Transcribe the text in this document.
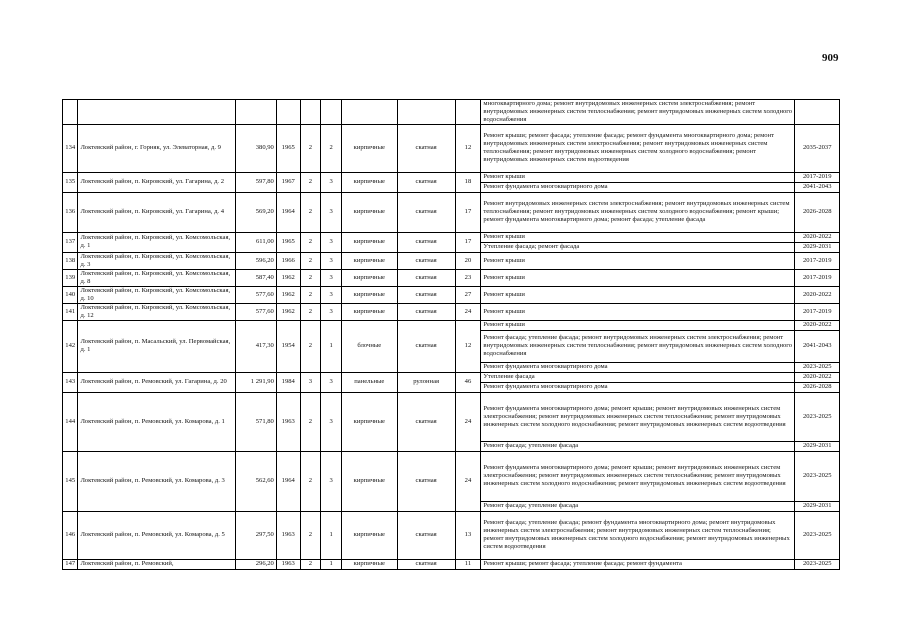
909
									многоквартирного дома; ремонт внутридомовых инженерных систем электроснабжения; ремонт внутридомовых инженерных систем теплоснабжения; ремонт внутридомовых инженерных систем холодного водоснабжения	
134	Локтевский район, г. Горняк, ул. Элеваторная, д. 9	380,90	1965	2	2	кирпичные	скатная	12	Ремонт крыши; ремонт фасада; утепление фасада; ремонт фундамента многоквартирного дома; ремонт внутридомовых инженерных систем электроснабжения; ремонт внутридомовых инженерных систем теплоснабжения; ремонт внутридомовых инженерных систем холодного водоснабжения; ремонт внутридомовых инженерных систем водоотведения	2035-2037
135	Локтевский район, п. Кировский, ул. Гагарина, д. 2	597,80	1967	2	3	кирпичные	скатная	18	Ремонт крыши	2017-2019
									Ремонт фундамента многоквартирного дома	2041-2043
136	Локтевский район, п. Кировский, ул. Гагарина, д. 4	569,20	1964	2	3	кирпичные	скатная	17	Ремонт внутридомовых инженерных систем электроснабжения; ремонт внутридомовых инженерных систем теплоснабжения; ремонт внутридомовых инженерных систем холодного водоснабжения; ремонт крыши; ремонт фундамента многоквартирного дома; ремонт фасада; утепление фасада	2026-2028
137	Локтевский район, п. Кировский, ул. Комсомольская, д. 1	611,00	1965	2	3	кирпичные	скатная	17	Ремонт крыши	2020-2022
									Утепление фасада; ремонт фасада	2029-2031
138	Локтевский район, п. Кировский, ул. Комсомольская, д. 3	596,20	1966	2	3	кирпичные	скатная	20	Ремонт крыши	2017-2019
139	Локтевский район, п. Кировский, ул. Комсомольская, д. 8	587,40	1962	2	3	кирпичные	скатная	23	Ремонт крыши	2017-2019
140	Локтевский район, п. Кировский, ул. Комсомольская, д. 10	577,60	1962	2	3	кирпичные	скатная	27	Ремонт крыши	2020-2022
141	Локтевский район, п. Кировский, ул. Комсомольская, д. 12	577,60	1962	2	3	кирпичные	скатная	24	Ремонт крыши	2017-2019
142	Локтевский район, п. Масальский, ул. Первомайская, д. 1	417,30	1954	2	1	блочные	скатная	12	Ремонт крыши	2020-2022
									Ремонт фасада; утепление фасада; ремонт внутридомовых инженерных систем электроснабжения; ремонт внутридомовых инженерных систем теплоснабжения; ремонт внутридомовых инженерных систем холодного водоснабжения	2041-2043
									Ремонт фундамента многоквартирного дома	2023-2025
143	Локтевский район, п. Ремовский, ул. Гагарина, д. 20	1 291,90	1984	3	3	панельные	рулонная	46	Утепление фасада	2020-2022
									Ремонт фундамента многоквартирного дома	2026-2028
144	Локтевский район, п. Ремовский, ул. Комарова, д. 1	571,80	1963	2	3	кирпичные	скатная	24	Ремонт фундамента многоквартирного дома; ремонт крыши; ремонт внутридомовых инженерных систем электроснабжения; ремонт внутридомовых инженерных систем теплоснабжения; ремонт внутридомовых инженерных систем холодного водоснабжения; ремонт внутридомовых инженерных систем водоотведения	2023-2025
									Ремонт фасада; утепление фасада	2029-2031
145	Локтевский район, п. Ремовский, ул. Комарова, д. 3	562,60	1964	2	3	кирпичные	скатная	24	Ремонт фундамента многоквартирного дома; ремонт крыши; ремонт внутридомовых инженерных систем электроснабжения; ремонт внутридомовых инженерных систем теплоснабжения; ремонт внутридомовых инженерных систем холодного водоснабжения; ремонт внутридомовых инженерных систем водоотведения	2023-2025
									Ремонт фасада; утепление фасада	2029-2031
146	Локтевский район, п. Ремовский, ул. Комарова, д. 5	297,50	1963	2	1	кирпичные	скатная	13	Ремонт фасада; утепление фасада; ремонт фундамента многоквартирного дома; ремонт внутридомовых инженерных систем электроснабжения; ремонт внутридомовых инженерных систем теплоснабжения; ремонт внутридомовых инженерных систем холодного водоснабжения; ремонт внутридомовых инженерных систем водоотведения	2023-2025
147	Локтевский район, п. Ремовский,	296,20	1963	2	1	кирпичные	скатная	11	Ремонт крыши; ремонт фасада; утепление фасада; ремонт фундамента	2023-2025
